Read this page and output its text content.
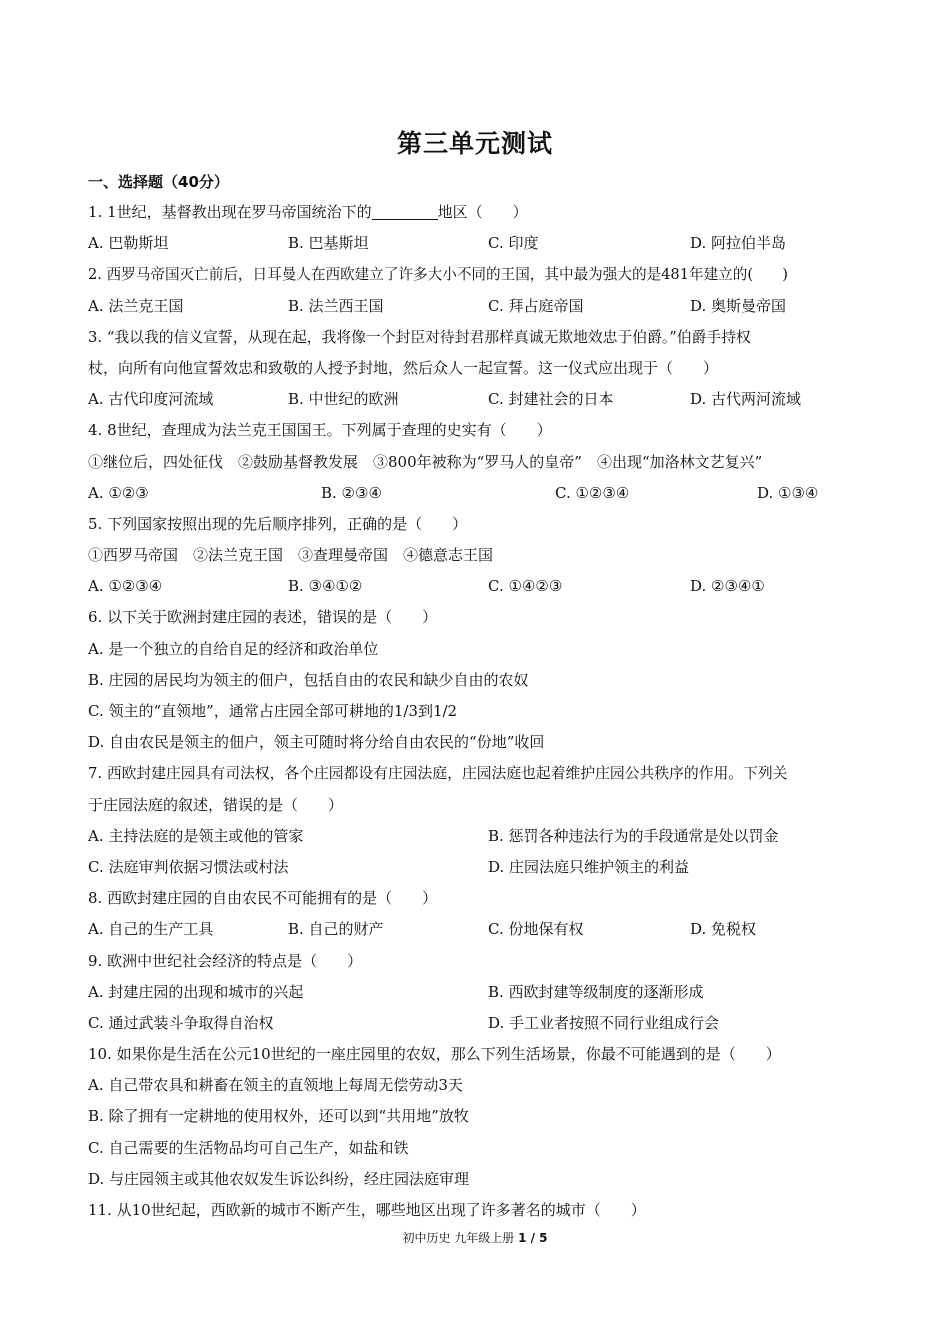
第三单元测试
一、选择题（40分）
1. 1世纪，基督教出现在罗马帝国统治下的	地区（　　）
A. 巴勒斯坦	B. 巴基斯坦	C. 印度	D. 阿拉伯半岛
2. 西罗马帝国灭亡前后，日耳曼人在西欧建立了许多大小不同的王国，其中最为强大的是481年建立的(　　)
A. 法兰克王国	B. 法兰西王国	C. 拜占庭帝国	D. 奥斯曼帝国
3. “我以我的信义宣誓，从现在起，我将像一个封臣对待封君那样真诚无欺地效忠于伯爵。”伯爵手持权
杖，向所有向他宣誓效忠和致敬的人授予封地，然后众人一起宣誓。这一仪式应出现于（　　）
A. 古代印度河流域	B. 中世纪的欧洲	C. 封建社会的日本	D. 古代两河流域
4. 8世纪，查理成为法兰克王国国王。下列属于查理的史实有（　　）
①继位后，四处征伐　②鼓励基督教发展　③800年被称为“罗马人的皇帝”　④出现“加洛林文艺复兴”
A. ①②③	B. ②③④	C. ①②③④	D. ①③④
5. 下列国家按照出现的先后顺序排列，正确的是（　　）
①西罗马帝国　②法兰克王国　③查理曼帝国　④德意志王国
A. ①②③④	B. ③④①②	C. ①④②③	D. ②③④①
6. 以下关于欧洲封建庄园的表述，错误的是（　　）
A. 是一个独立的自给自足的经济和政治单位
B. 庄园的居民均为领主的佃户，包括自由的农民和缺少自由的农奴
C. 领主的“直领地”，通常占庄园全部可耕地的1/3到1/2
D. 自由农民是领主的佃户，领主可随时将分给自由农民的“份地”收回
7. 西欧封建庄园具有司法权，各个庄园都设有庄园法庭，庄园法庭也起着维护庄园公共秩序的作用。下列关
于庄园法庭的叙述，错误的是（　　）
A. 主持法庭的是领主或他的管家	B. 惩罚各种违法行为的手段通常是处以罚金
C. 法庭审判依据习惯法或村法	D. 庄园法庭只维护领主的利益
8. 西欧封建庄园的自由农民不可能拥有的是（　　）
A. 自己的生产工具	B. 自己的财产	C. 份地保有权	D. 免税权
9. 欧洲中世纪社会经济的特点是（　　）
A. 封建庄园的出现和城市的兴起	B. 西欧封建等级制度的逐渐形成
C. 通过武装斗争取得自治权	D. 手工业者按照不同行业组成行会
10. 如果你是生活在公元10世纪的一座庄园里的农奴，那么下列生活场景，你最不可能遇到的是（　　）
A. 自己带农具和耕畜在领主的直领地上每周无偿劳动3天
B. 除了拥有一定耕地的使用权外，还可以到“共用地”放牧
C. 自己需要的生活物品均可自己生产，如盐和铁
D. 与庄园领主或其他农奴发生诉讼纠纷，经庄园法庭审理
11. 从10世纪起，西欧新的城市不断产生，哪些地区出现了许多著名的城市（　　）
初中历史 九年级上册 1 / 5
